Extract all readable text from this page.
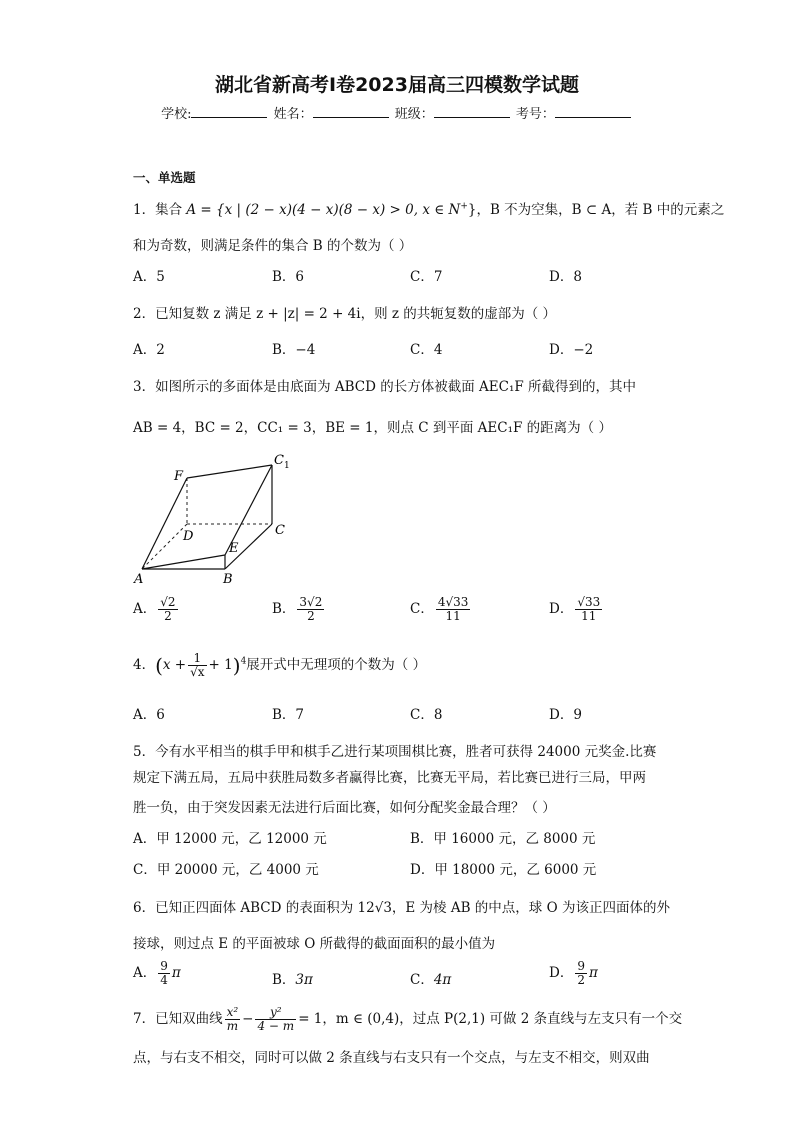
湖北省新高考I卷2023届高三四模数学试题
学校:	姓名：	班级：	考号：
一、单选题
1．集合 A = {x | (2 − x)(4 − x)(8 − x) > 0, x ∈ N+}，B 不为空集，B ⊂ A，若 B 中的元素之
和为奇数，则满足条件的集合 B 的个数为（ ）
A．5	B．6	C．7	D．8
2．已知复数 z 满足 z + |z| = 2 + 4i，则 z 的共轭复数的虚部为（ ）
A．2	B．−4	C．4	D．−2
3．如图所示的多面体是由底面为 ABCD 的长方体被截面 AEC₁F 所截得到的，其中
AB = 4，BC = 2，CC₁ = 3，BE = 1，则点 C 到平面 AEC₁F 的距离为（ ）
F
C 1
D	C
E
A	B
A． $\frac{√2}{2}$	B． $\frac{3√2}{2}$	C． $\frac{4√33}{11}$	D． $\frac{√33}{11}$
4．$(x + \frac{1}{√x} + 1)^4$展开式中无理项的个数为（ ）
A．6	B．7	C．8	D．9
5．今有水平相当的棋手甲和棋手乙进行某项围棋比赛，胜者可获得 24000 元奖金.比赛
规定下满五局，五局中获胜局数多者赢得比赛，比赛无平局，若比赛已进行三局，甲两
胜一负，由于突发因素无法进行后面比赛，如何分配奖金最合理？（ ）
A．甲 12000 元，乙 12000 元	B．甲 16000 元，乙 8000 元
C．甲 20000 元，乙 4000 元	D．甲 18000 元，乙 6000 元
6．已知正四面体 ABCD 的表面积为 12√3，E 为棱 AB 的中点，球 O 为该正四面体的外
接球，则过点 E 的平面被球 O 所截得的截面面积的最小值为
A． $\frac{9}{4}$ π	B．3π	C．4π	D． $\frac{9}{2}$ π
7．已知双曲线 $\frac{\text{x²}}{m} - \frac{\text{y²}}{4 - m} = 1$，m ∈ (0,4)，过点 P(2,1) 可做 2 条直线与左支只有一个交
点，与右支不相交，同时可以做 2 条直线与右支只有一个交点，与左支不相交，则双曲
